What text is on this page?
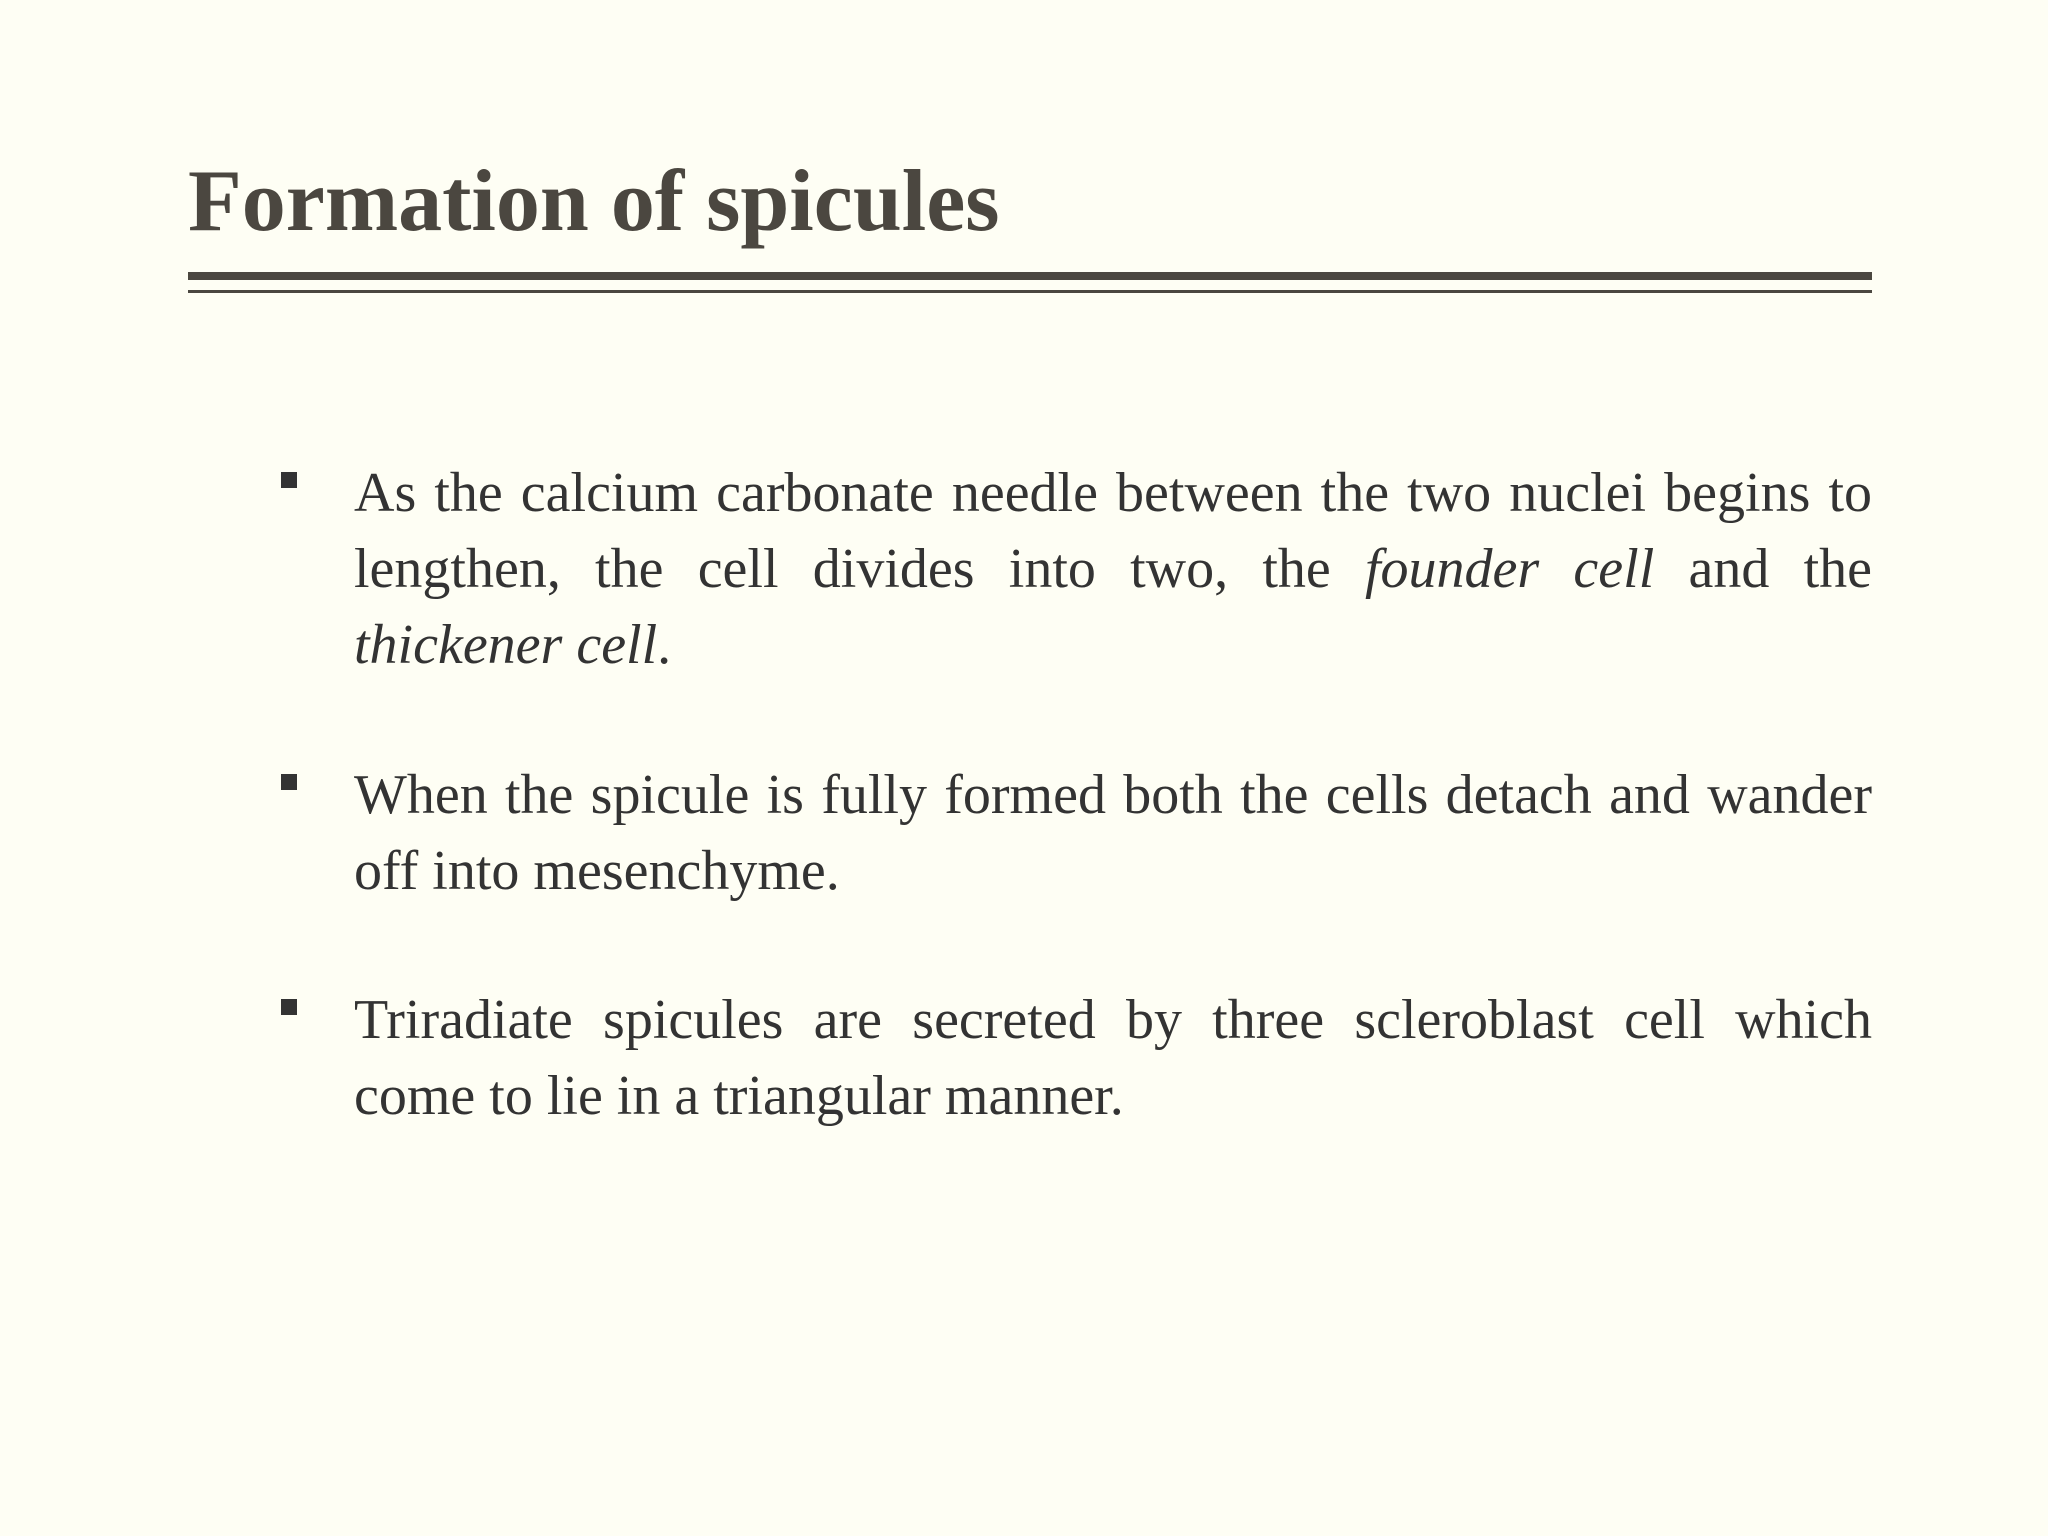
Formation of spicules
As the calcium carbonate needle between the two nuclei begins to lengthen, the cell divides into two, the founder cell and the thickener cell.
When the spicule is fully formed both the cells detach and wander off into mesenchyme.
Triradiate spicules are secreted by three scleroblast cell which come to lie in a triangular manner.
